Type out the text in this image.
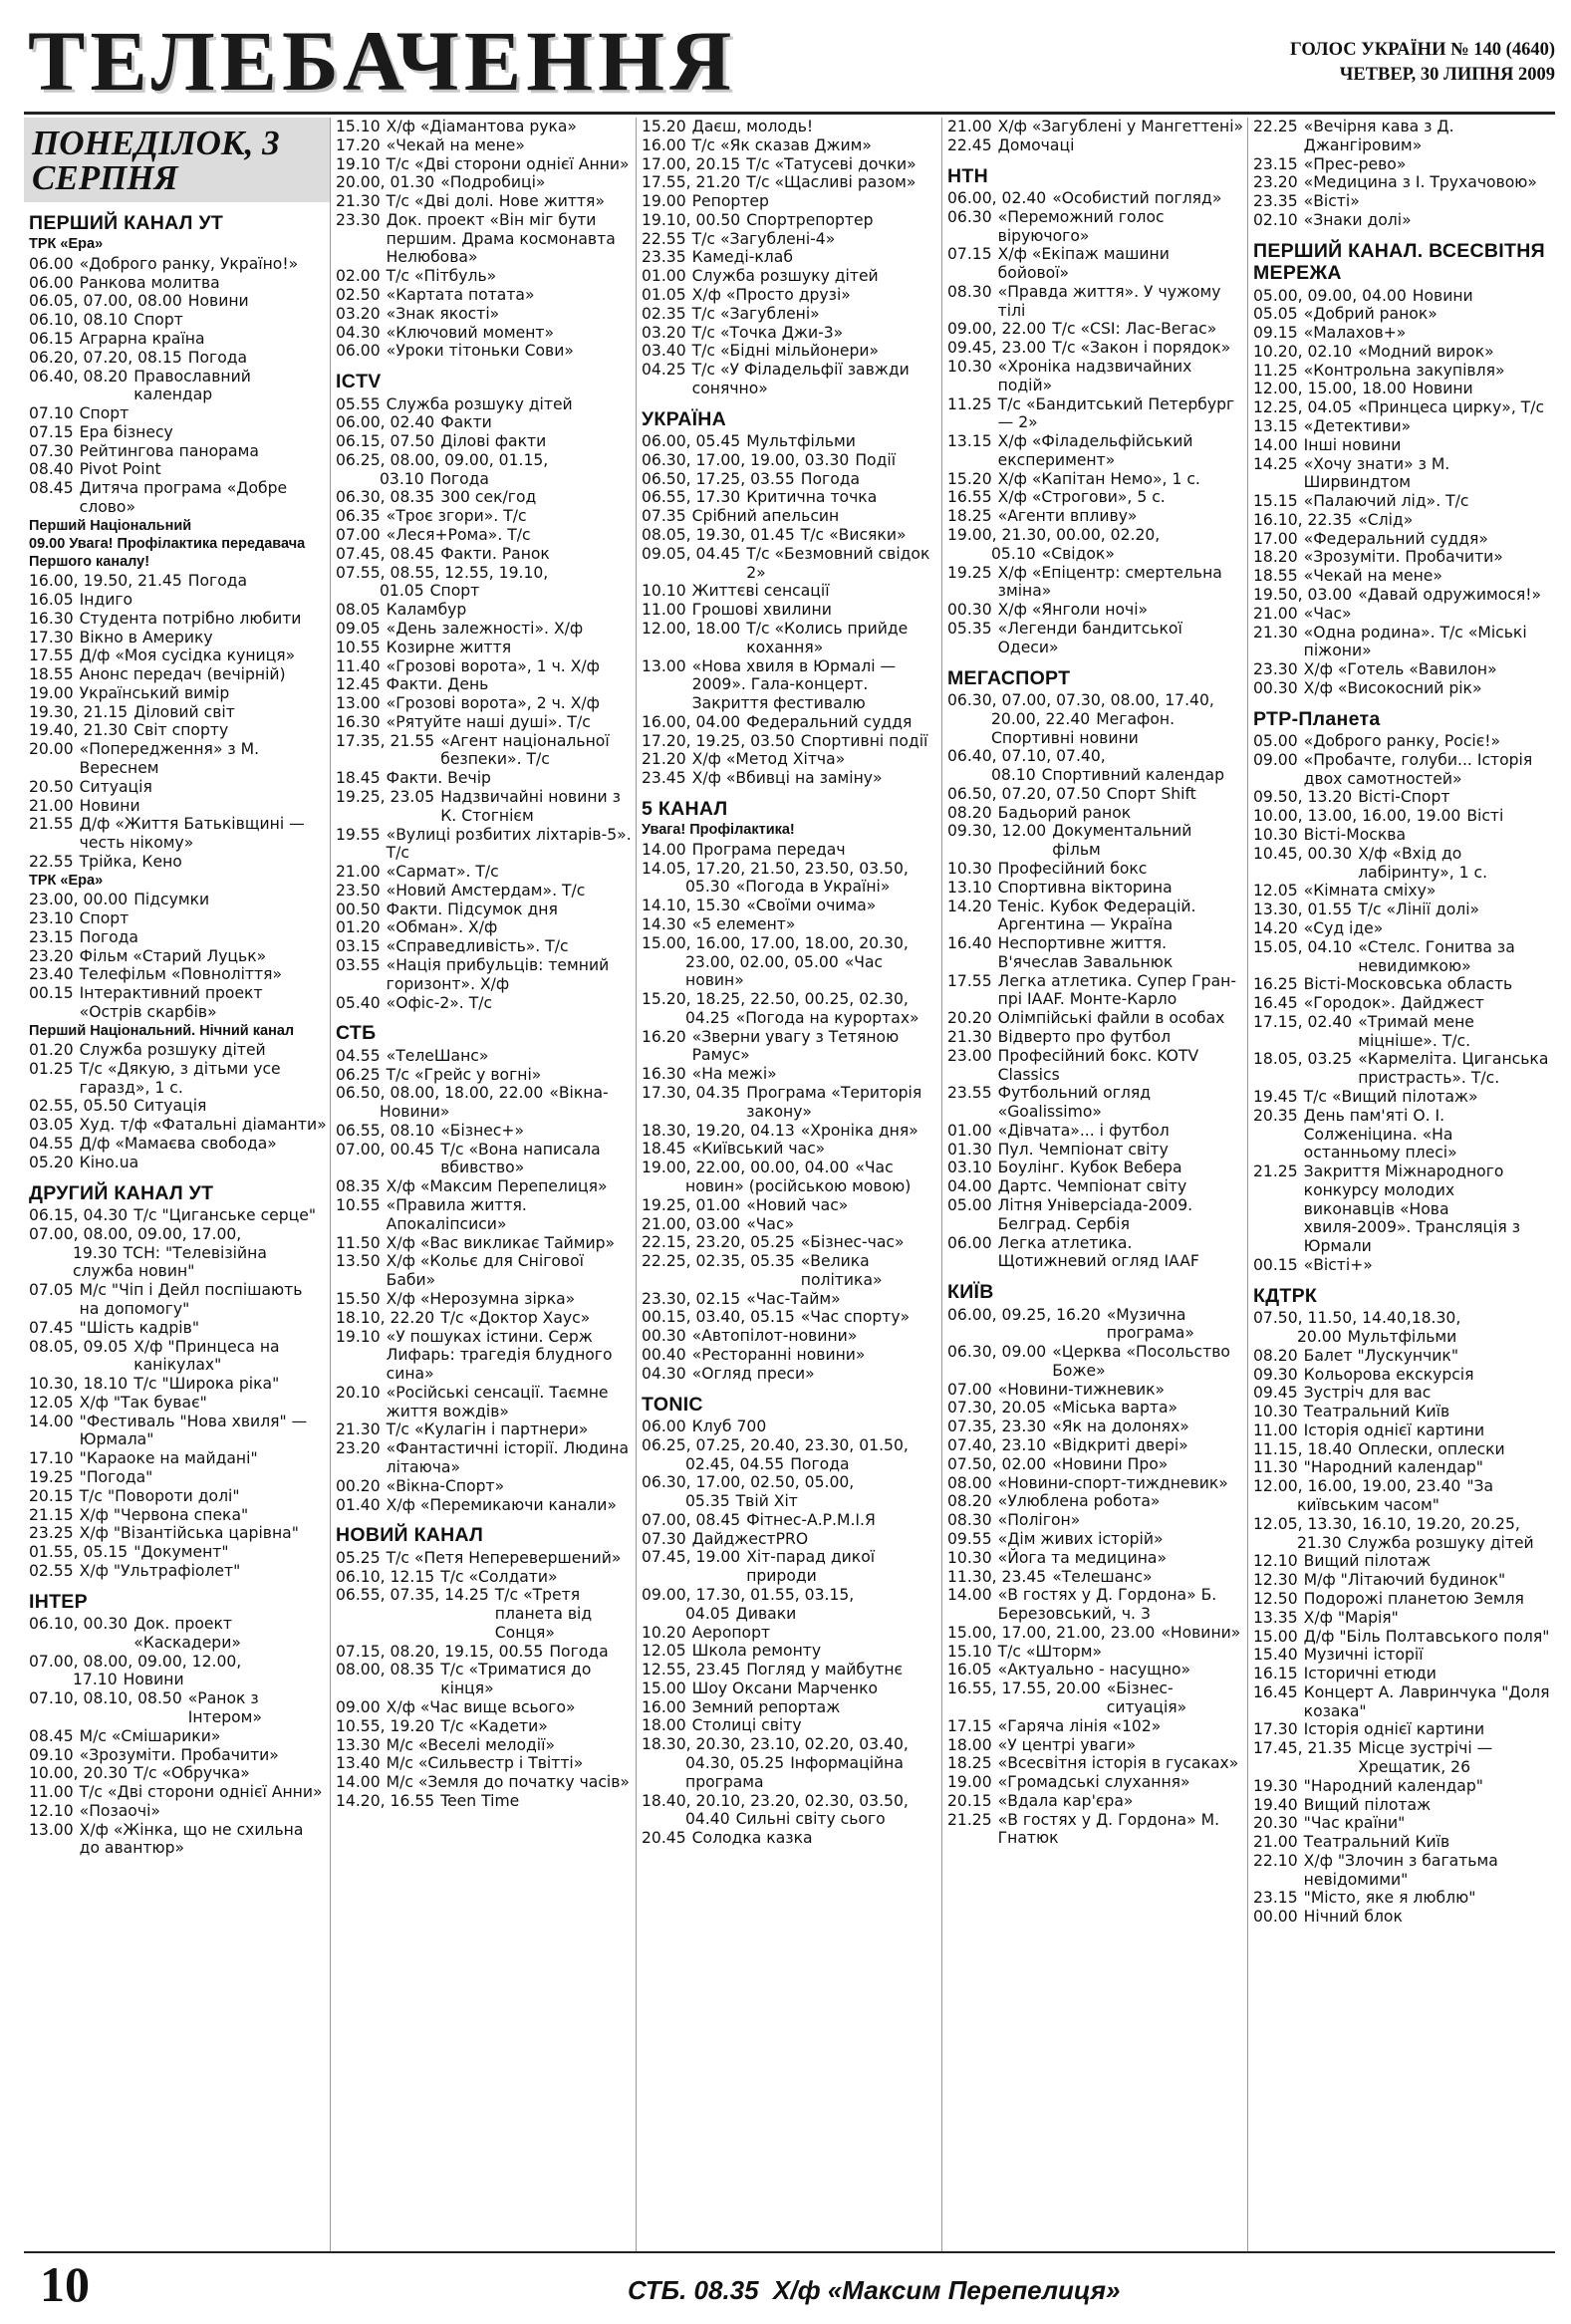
ТЕЛЕБАЧЕННЯ	ГОЛОС УКРАЇНИ № 140 (4640)
ЧЕТВЕР, 30 ЛИПНЯ 2009
ПОНЕДІЛОК, 3 СЕРПНЯ
ПЕРШИЙ КАНАЛ УТ
ТРК «Ера»
06.00 «Доброго ранку, Україно!»
06.00 Ранкова молитва
06.05, 07.00, 08.00 Новини
06.10, 08.10 Спорт
06.15 Аграрна країна
06.20, 07.20, 08.15 Погода
06.40, 08.20 Православний календар
07.10 Спорт
07.15 Ера бізнесу
07.30 Рейтингова панорама
08.40 Pivot Point
08.45 Дитяча програма «Добре слово»
Перший Національний
09.00 Увага! Профілактика передавача Першого каналу!
16.00, 19.50, 21.45 Погода
16.05 Індиго
16.30 Студента потрібно любити
17.30 Вікно в Америку
17.55 Д/ф «Моя сусідка куниця»
18.55 Анонс передач (вечірній)
19.00 Український вимір
19.30, 21.15 Діловий світ
19.40, 21.30 Світ спорту
20.00 «Попередження» з М. Вереснем
20.50 Ситуація
21.00 Новини
21.55 Д/ф «Життя Батьківщині — честь нікому»
22.55 Трійка, Кено
ТРК «Ера»
23.00, 00.00 Підсумки
23.10 Спорт
23.15 Погода
23.20 Фільм «Старий Луцьк»
23.40 Телефільм «Повноліття»
00.15 Інтерактивний проект «Острів скарбів»
Перший Національний. Нічний канал
01.20 Служба розшуку дітей
01.25 Т/с «Дякую, з дітьми усе гаразд», 1 с.
02.55, 05.50 Ситуація
03.05 Худ. т/ф «Фатальні діаманти»
04.55 Д/ф «Мамаєва свобода»
05.20 Кіно.ua
ДРУГИЙ КАНАЛ УТ
06.15, 04.30 Т/с "Циганське серце"
07.00, 08.00, 09.00, 17.00, 19.30 ТСН: "Телевізійна служба новин"
07.05 М/с "Чіп і Дейл поспішають на допомогу"
07.45 "Шість кадрів"
08.05, 09.05 Х/ф "Принцеса на канікулах"
10.30, 18.10 Т/с "Широка ріка"
12.05 Х/ф "Так буває"
14.00 "Фестиваль "Нова хвиля" — Юрмала"
17.10 "Караоке на майдані"
19.25 "Погода"
20.15 Т/с "Повороти долі"
21.15 Х/ф "Червона спека"
23.25 Х/ф "Візантійська царівна"
01.55, 05.15 "Документ"
02.55 Х/ф "Ультрафіолет"
ІНТЕР
06.10, 00.30 Док. проект «Каскадери»
07.00, 08.00, 09.00, 12.00, 17.10 Новини
07.10, 08.10, 08.50 «Ранок з Інтером»
08.45 М/с «Смішарики»
09.10 «Зрозуміти. Пробачити»
10.00, 20.30 Т/с «Обручка»
11.00 Т/с «Дві сторони однієї Анни»
12.10 «Позаочі»
13.00 Х/ф «Жінка, що не схильна до авантюр»
15.10 Х/ф «Діамантова рука»
17.20 «Чекай на мене»
19.10 Т/с «Дві сторони однієї Анни»
20.00, 01.30 «Подробиці»
21.30 Т/с «Дві долі. Нове життя»
23.30 Док. проект «Він міг бути першим. Драма космонавта Нелюбова»
02.00 Т/с «Пітбуль»
02.50 «Картата потата»
03.20 «Знак якості»
04.30 «Ключовий момент»
06.00 «Уроки тітоньки Сови»
ICTV
05.55 Служба розшуку дітей
06.00, 02.40 Факти
06.15, 07.50 Ділові факти
06.25, 08.00, 09.00, 01.15, 03.10 Погода
06.30, 08.35 300 сек/год
06.35 «Троє згори». Т/с
07.00 «Леся+Рома». Т/с
07.45, 08.45 Факти. Ранок
07.55, 08.55, 12.55, 19.10, 01.05 Спорт
08.05 Каламбур
09.05 «День залежності». Х/ф
10.55 Козирне життя
11.40 «Грозові ворота», 1 ч. Х/ф
12.45 Факти. День
13.00 «Грозові ворота», 2 ч. Х/ф
16.30 «Рятуйте наші душі». Т/с
17.35, 21.55 «Агент національної безпеки». Т/с
18.45 Факти. Вечір
19.25, 23.05 Надзвичайні новини з К. Стогнієм
19.55 «Вулиці розбитих ліхтарів-5». Т/с
21.00 «Сармат». Т/с
23.50 «Новий Амстердам». Т/с
00.50 Факти. Підсумок дня
01.20 «Обман». Х/ф
03.15 «Справедливість». Т/с
03.55 «Нація прибульців: темний горизонт». Х/ф
05.40 «Офіс-2». Т/с
СТБ
04.55 «ТелеШанс»
06.25 Т/с «Грейс у вогні»
06.50, 08.00, 18.00, 22.00 «Вікна-Новини»
06.55, 08.10 «Бізнес+»
07.00, 00.45 Т/с «Вона написала вбивство»
08.35 Х/ф «Максим Перепелиця»
10.55 «Правила життя. Апокаліпсиси»
11.50 Х/ф «Вас викликає Таймир»
13.50 Х/ф «Кольє для Снігової Баби»
15.50 Х/ф «Нерозумна зірка»
18.10, 22.20 Т/с «Доктор Хаус»
19.10 «У пошуках істини. Серж Лифарь: трагедія блудного сина»
20.10 «Російські сенсації. Таємне життя вождів»
21.30 Т/с «Кулагін і партнери»
23.20 «Фантастичні історії. Людина літаюча»
00.20 «Вікна-Спорт»
01.40 Х/ф «Перемикаючи канали»
НОВИЙ КАНАЛ
05.25 Т/с «Петя Неперевершений»
06.10, 12.15 Т/с «Солдати»
06.55, 07.35, 14.25 Т/с «Третя планета від Сонця»
07.15, 08.20, 19.15, 00.55 Погода
08.00, 08.35 Т/с «Триматися до кінця»
09.00 Х/ф «Час вище всього»
10.55, 19.20 Т/с «Кадети»
13.30 М/с «Веселі мелодії»
13.40 М/с «Сильвестр і Твітті»
14.00 М/с «Земля до початку часів»
14.20, 16.55 Teen Time
15.20 Даєш, молодь!
16.00 Т/с «Як сказав Джим»
17.00, 20.15 Т/с «Татусеві дочки»
17.55, 21.20 Т/с «Щасливі разом»
19.00 Репортер
19.10, 00.50 Спортрепортер
22.55 Т/с «Загублені-4»
23.35 Камеді-клаб
01.00 Служба розшуку дітей
01.05 Х/ф «Просто друзі»
02.35 Т/с «Загублені»
03.20 Т/с «Точка Джи-3»
03.40 Т/с «Бідні мільйонери»
04.25 Т/с «У Філадельфії завжди сонячно»
УКРАЇНА
06.00, 05.45 Мультфільми
06.30, 17.00, 19.00, 03.30 Події
06.50, 17.25, 03.55 Погода
06.55, 17.30 Критична точка
07.35 Срібний апельсин
08.05, 19.30, 01.45 Т/с «Висяки»
09.05, 04.45 Т/с «Безмовний свідок 2»
10.10 Життєві сенсації
11.00 Грошові хвилини
12.00, 18.00 Т/с «Колись прийде кохання»
13.00 «Нова хвиля в Юрмалі — 2009». Гала-концерт. Закриття фестивалю
16.00, 04.00 Федеральний суддя
17.20, 19.25, 03.50 Спортивні події
21.20 Х/ф «Метод Хітча»
23.45 Х/ф «Вбивці на заміну»
5 КАНАЛ
Увага! Профілактика!
14.00 Програма передач
14.05, 17.20, 21.50, 23.50, 03.50, 05.30 «Погода в Україні»
14.10, 15.30 «Своїми очима»
14.30 «5 елемент»
15.00, 16.00, 17.00, 18.00, 20.30, 23.00, 02.00, 05.00 «Час новин»
15.20, 18.25, 22.50, 00.25, 02.30, 04.25 «Погода на курортах»
16.20 «Зверни увагу з Тетяною Рамус»
16.30 «На межі»
17.30, 04.35 Програма «Територія закону»
18.30, 19.20, 04.13 «Хроніка дня»
18.45 «Київський час»
19.00, 22.00, 00.00, 04.00 «Час новин» (російською мовою)
19.25, 01.00 «Новий час»
21.00, 03.00 «Час»
22.15, 23.20, 05.25 «Бізнес-час»
22.25, 02.35, 05.35 «Велика політика»
23.30, 02.15 «Час-Тайм»
00.15, 03.40, 05.15 «Час спорту»
00.30 «Автопілот-новини»
00.40 «Ресторанні новини»
04.30 «Огляд преси»
TONIC
06.00 Клуб 700
06.25, 07.25, 20.40, 23.30, 01.50, 02.45, 04.55 Погода
06.30, 17.00, 02.50, 05.00, 05.35 Твій Хіт
07.00, 08.45 Фітнес-А.Р.М.І.Я
07.30 ДайджестPRO
07.45, 19.00 Хіт-парад дикої природи
09.00, 17.30, 01.55, 03.15, 04.05 Диваки
10.20 Аеропорт
12.05 Школа ремонту
12.55, 23.45 Погляд у майбутнє
15.00 Шоу Оксани Марченко
16.00 Земний репортаж
18.00 Столиці світу
18.30, 20.30, 23.10, 02.20, 03.40, 04.30, 05.25 Інформаційна програма
18.40, 20.10, 23.20, 02.30, 03.50, 04.40 Сильні світу сього
20.45 Солодка казка
21.00 Х/ф «Загублені у Мангеттені»
22.45 Домочаці
НТН
06.00, 02.40 «Особистий погляд»
06.30 «Переможний голос віруючого»
07.15 Х/ф «Екіпаж машини бойової»
08.30 «Правда життя». У чужому тілі
09.00, 22.00 Т/с «CSI: Лас-Вегас»
09.45, 23.00 Т/с «Закон і порядок»
10.30 «Хроніка надзвичайних подій»
11.25 Т/с «Бандитський Петербург — 2»
13.15 Х/ф «Філадельфійський експеримент»
15.20 Х/ф «Капітан Немо», 1 с.
16.55 Х/ф «Строгови», 5 с.
18.25 «Агенти впливу»
19.00, 21.30, 00.00, 02.20, 05.10 «Свідок»
19.25 Х/ф «Епіцентр: смертельна зміна»
00.30 Х/ф «Янголи ночі»
05.35 «Легенди бандитської Одеси»
МЕГАСПОРТ
06.30, 07.00, 07.30, 08.00, 17.40, 20.00, 22.40 Мегафон. Спортивні новини
06.40, 07.10, 07.40, 08.10 Спортивний календар
06.50, 07.20, 07.50 Спорт Shift
08.20 Бадьорий ранок
09.30, 12.00 Документальний фільм
10.30 Професійний бокс
13.10 Спортивна вікторина
14.20 Теніс. Кубок Федерацій. Аргентина — Україна
16.40 Неспортивне життя. В'ячеслав Завальнюк
17.55 Легка атлетика. Супер Гран-прі IAAF. Монте-Карло
20.20 Олімпійські файли в особах
21.30 Відверто про футбол
23.00 Професійний бокс. KOTV Classics
23.55 Футбольний огляд «Goalissimo»
01.00 «Дівчата»... і футбол
01.30 Пул. Чемпіонат світу
03.10 Боулінг. Кубок Вебера
04.00 Дартс. Чемпіонат світу
05.00 Літня Універсіада-2009. Белград. Сербія
06.00 Легка атлетика. Щотижневий огляд IAAF
КИЇВ
06.00, 09.25, 16.20 «Музична програма»
06.30, 09.00 «Церква «Посольство Боже»
07.00 «Новини-тижневик»
07.30, 20.05 «Міська варта»
07.35, 23.30 «Як на долонях»
07.40, 23.10 «Відкриті двері»
07.50, 02.00 «Новини Про»
08.00 «Новини-спорт-тиждневик»
08.20 «Улюблена робота»
08.30 «Полігон»
09.55 «Дім живих історій»
10.30 «Йога та медицина»
11.30, 23.45 «Телешанс»
14.00 «В гостях у Д. Гордона» Б. Березовський, ч. 3
15.00, 17.00, 21.00, 23.00 «Новини»
15.10 Т/с «Шторм»
16.05 «Актуально - насущно»
16.55, 17.55, 20.00 «Бізнес-ситуація»
17.15 «Гаряча лінія «102»
18.00 «У центрі уваги»
18.25 «Всесвітня історія в гусаках»
19.00 «Громадські слухання»
20.15 «Вдала кар'єра»
21.25 «В гостях у Д. Гордона» М. Гнатюк
22.25 «Вечірня кава з Д. Джангіровим»
23.15 «Прес-рево»
23.20 «Медицина з І. Трухачовою»
23.35 «Вісті»
02.10 «Знаки долі»
ПЕРШИЙ КАНАЛ. ВСЕСВІТНЯ МЕРЕЖА
05.00, 09.00, 04.00 Новини
05.05 «Добрий ранок»
09.15 «Малахов+»
10.20, 02.10 «Модний вирок»
11.25 «Контрольна закупівля»
12.00, 15.00, 18.00 Новини
12.25, 04.05 «Принцеса цирку», Т/с
13.15 «Детективи»
14.00 Інші новини
14.25 «Хочу знати» з М. Ширвиндтом
15.15 «Палаючий лід». Т/с
16.10, 22.35 «Слід»
17.00 «Федеральний суддя»
18.20 «Зрозуміти. Пробачити»
18.55 «Чекай на мене»
19.50, 03.00 «Давай одружимося!»
21.00 «Час»
21.30 «Одна родина». Т/с «Міські піжони»
23.30 Х/ф «Готель «Вавилон»
00.30 Х/ф «Високосний рік»
РТР-Планета
05.00 «Доброго ранку, Росіє!»
09.00 «Пробачте, голуби... Історія двох самотностей»
09.50, 13.20 Вісті-Спорт
10.00, 13.00, 16.00, 19.00 Вісті
10.30 Вісті-Москва
10.45, 00.30 Х/ф «Вхід до лабіринту», 1 с.
12.05 «Кімната сміху»
13.30, 01.55 Т/с «Лінії долі»
14.20 «Суд іде»
15.05, 04.10 «Стелс. Гонитва за невидимкою»
16.25 Вісті-Московська область
16.45 «Городок». Дайджест
17.15, 02.40 «Тримай мене міцніше». Т/с.
18.05, 03.25 «Кармеліта. Циганська пристрасть». Т/с.
19.45 Т/с «Вищий пілотаж»
20.35 День пам'яті О. І. Солженіцина. «На останньому плесі»
21.25 Закриття Міжнародного конкурсу молодих виконавців «Нова хвиля-2009». Трансляція з Юрмали
00.15 «Вісті+»
КДТРК
07.50, 11.50, 14.40,18.30, 20.00 Мультфільми
08.20 Балет "Лускунчик"
09.30 Кольорова екскурсія
09.45 Зустріч для вас
10.30 Театральний Київ
11.00 Історія однієї картини
11.15, 18.40 Оплески, оплески
11.30 "Народний календар"
12.00, 16.00, 19.00, 23.40 "За київським часом"
12.05, 13.30, 16.10, 19.20, 20.25, 21.30 Служба розшуку дітей
12.10 Вищий пілотаж
12.30 М/ф "Літаючий будинок"
12.50 Подорожі планетою Земля
13.35 Х/ф "Марія"
15.00 Д/ф "Біль Полтавського поля"
15.40 Музичні історії
16.15 Історичні етюди
16.45 Концерт А. Лавринчука "Доля козака"
17.30 Історія однієї картини
17.45, 21.35 Місце зустрічі — Хрещатик, 26
19.30 "Народний календар"
19.40 Вищий пілотаж
20.30 "Час країни"
21.00 Театральний Київ
22.10 Х/ф "Злочин з багатьма невідомими"
23.15 "Місто, яке я люблю"
00.00 Нічний блок
10	СТБ. 08.35  Х/ф «Максим Перепелиця»
